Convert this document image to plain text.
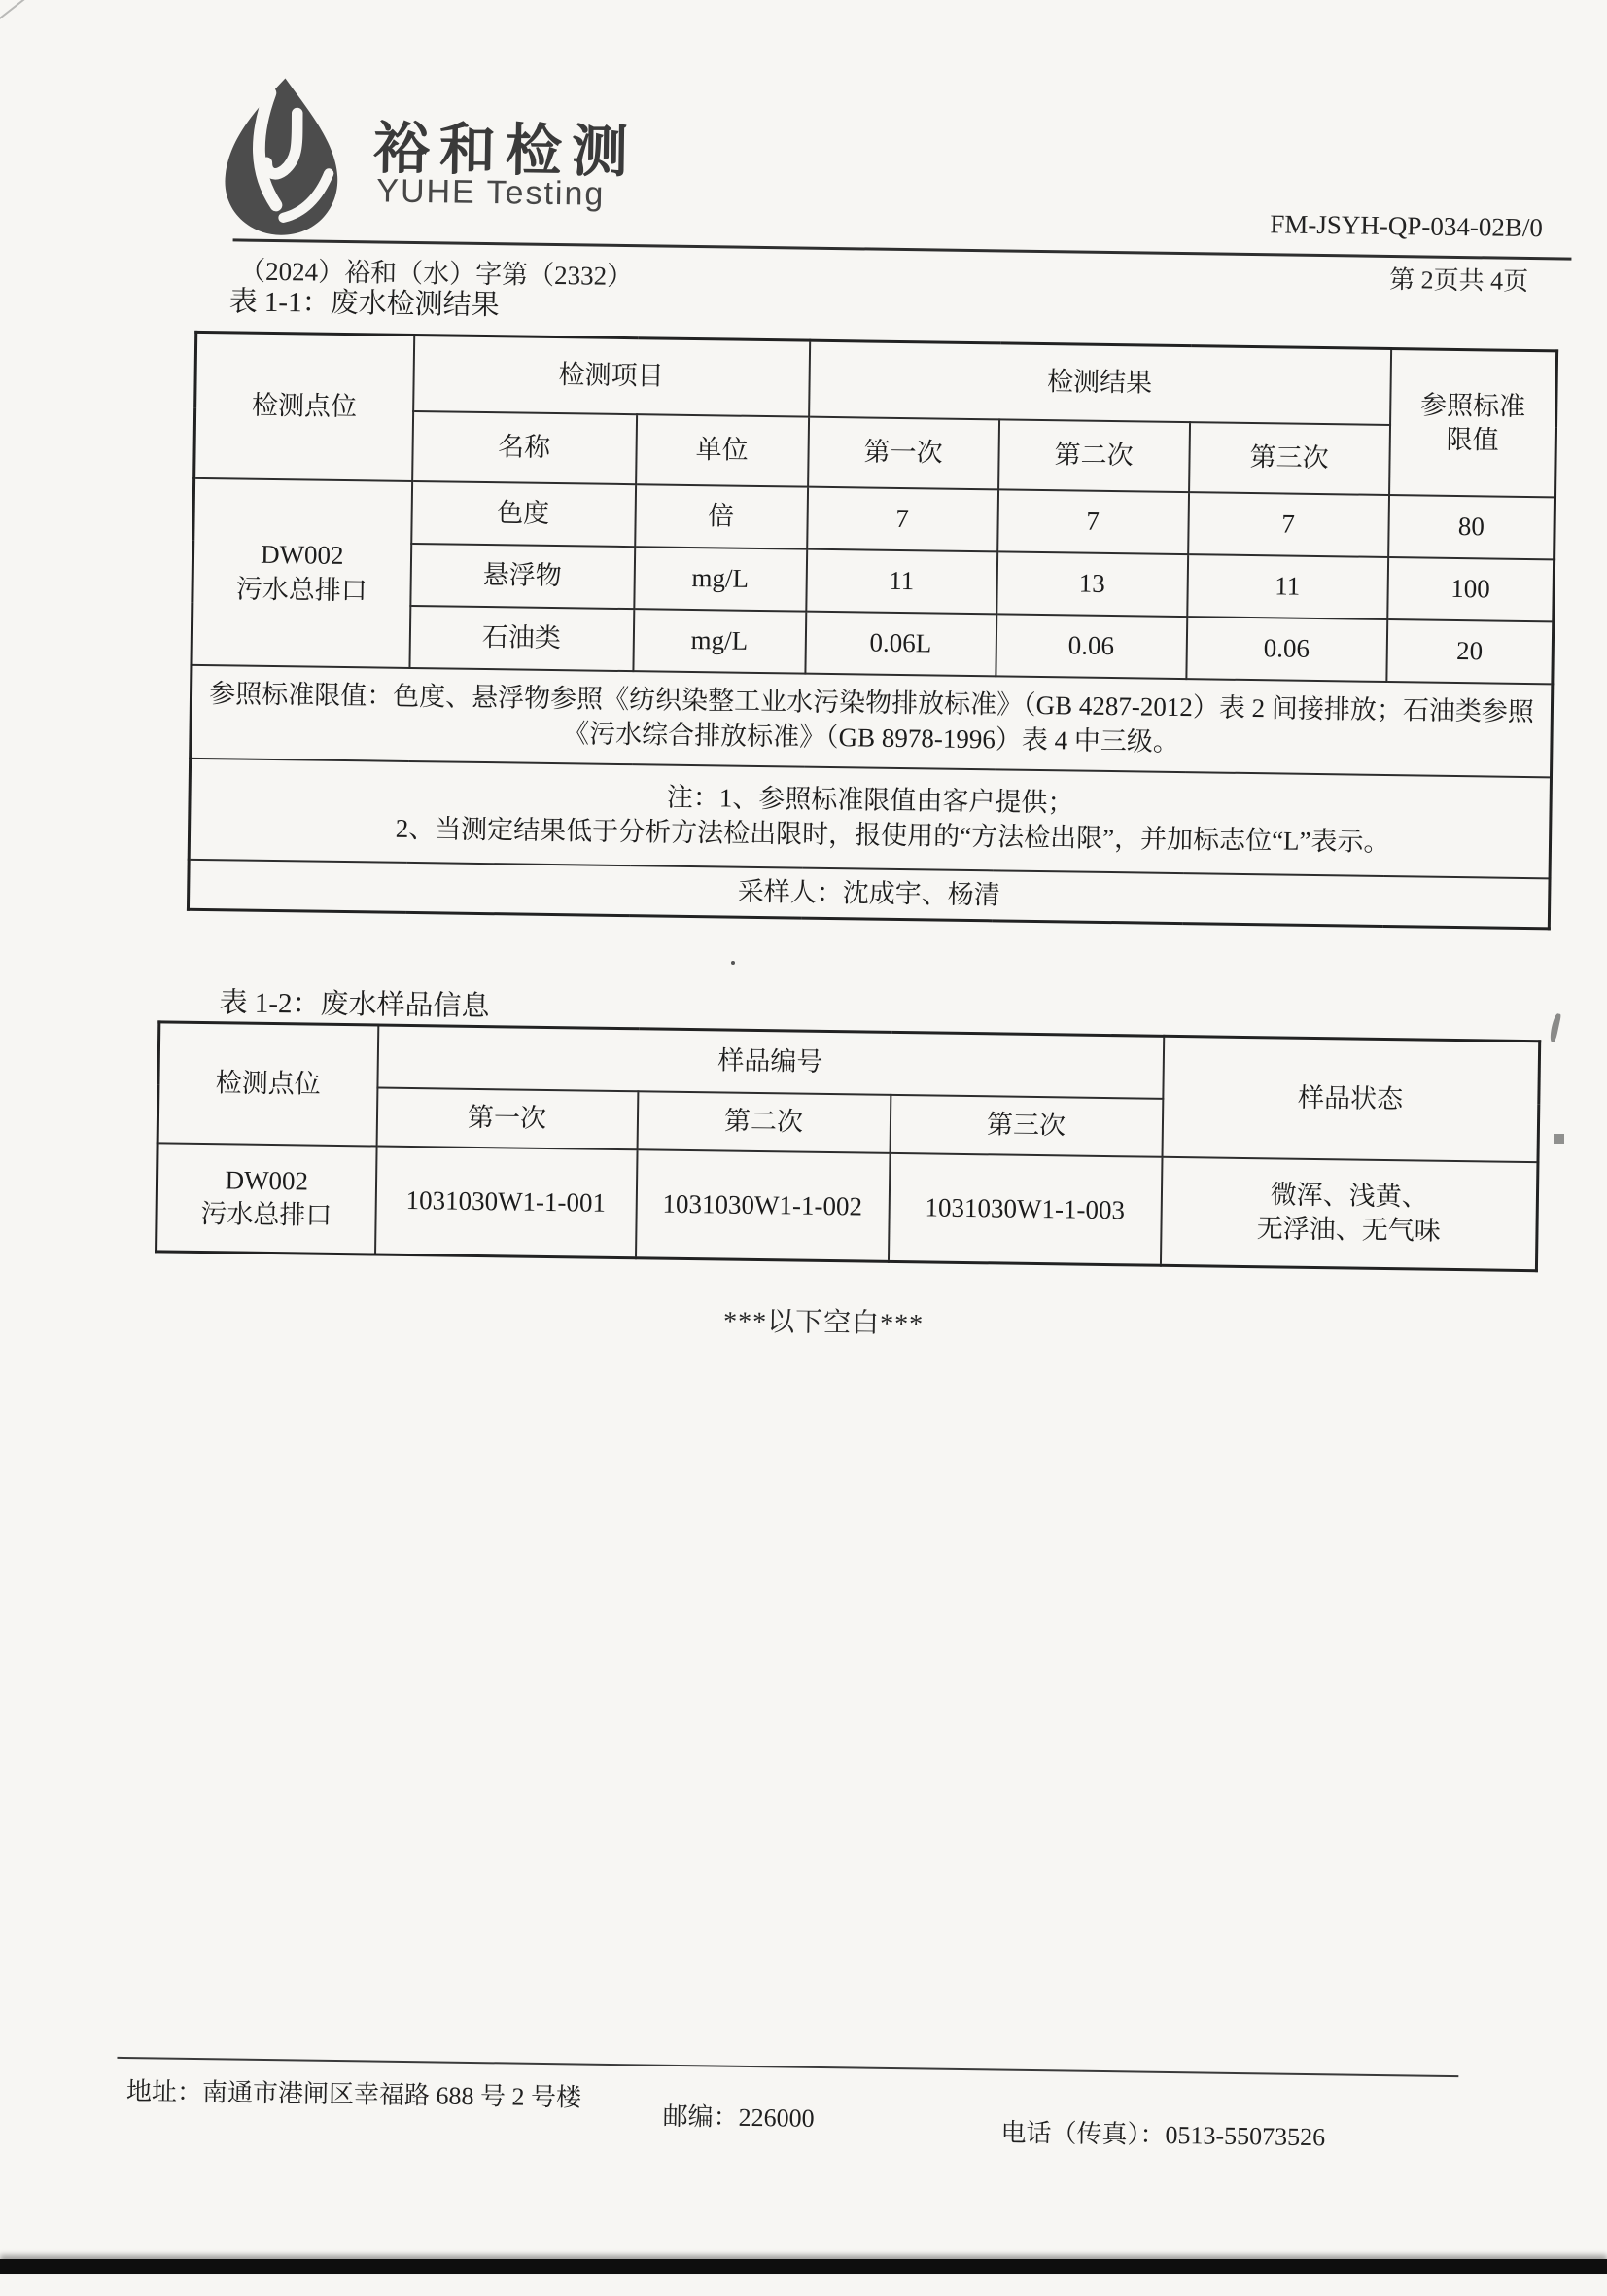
裕和检测
YUHE Testing
FM-JSYH-QP-034-02B/0
（2024）裕和（水）字第（2332）	第 2页共 4页
表 1-1：废水检测结果
检测点位	检测项目		检测结果			参照标准
限值

	名称	单位	第一次	第二次	第三次	

DW002
污水总排口	色度	倍	7	7	7	80
	悬浮物	mg/L	11	13	11	100
	石油类	mg/L	0.06L	0.06	0.06	20
参照标准限值：色度、悬浮物参照《纺织染整工业水污染物排放标准》（GB 4287-2012）表 2 间接排放；石油类参照《污水综合排放标准》（GB 8978-1996）表 4 中三级。						

注：1、参照标准限值由客户提供；
2、当测定结果低于分析方法检出限时，报使用的“方法检出限”，并加标志位“L”表示。						

采样人：沈成宇、杨清						
表 1-2：废水样品信息
检测点位	样品编号			样品状态
	第一次	第二次	第三次	

DW002
污水总排口	1031030W1-1-001	1031030W1-1-002	1031030W1-1-003	微浑、浅黄、
无浮油、无气味
***以下空白***
地址：南通市港闸区幸福路 688 号 2 号楼
邮编：226000
电话（传真）：0513-55073526
